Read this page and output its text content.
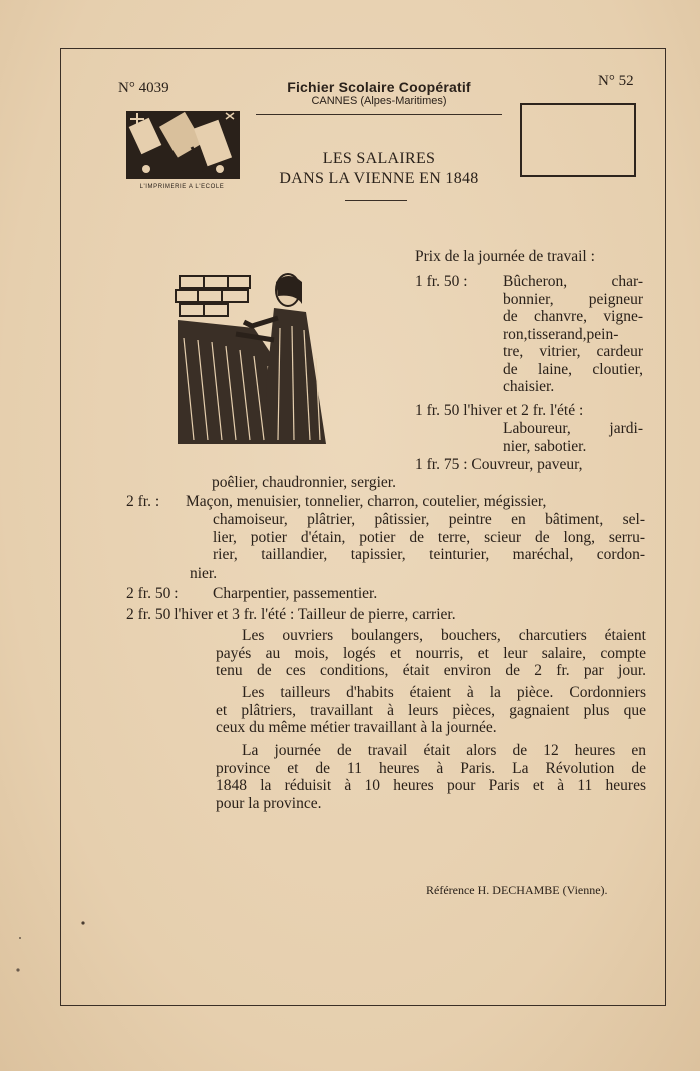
N° 4039	N° 52
Fichier Scolaire Coopératif
CANNES (Alpes-Maritimes)
L'IMPRIMERIE A L'ECOLE
LES SALAIRES
DANS LA VIENNE EN 1848
Prix de la journée de travail :
1 fr. 50 : Bûcheron, char-
bonnier, peigneur
de chanvre, vigne-
ron,tisserand,pein-
tre, vitrier, cardeur
de laine, cloutier,
chaisier.
1 fr. 50 l'hiver et 2 fr. l'été :
Laboureur, jardi-
nier, sabotier.
1 fr. 75 : Couvreur, paveur,
poêlier, chaudronnier, sergier.
2 fr. : Maçon, menuisier, tonnelier, charron, coutelier, mégissier,
chamoiseur, plâtrier, pâtissier, peintre en bâtiment, sel-
lier, potier d'étain, potier de terre, scieur de long, serru-
rier, taillandier, tapissier, teinturier, maréchal, cordon-
nier.
2 fr. 50 : Charpentier, passementier.
2 fr. 50 l'hiver et 3 fr. l'été : Tailleur de pierre, carrier.
Les ouvriers boulangers, bouchers, charcutiers étaient
payés au mois, logés et nourris, et leur salaire, compte
tenu de ces conditions, était environ de 2 fr. par jour.
Les tailleurs d'habits étaient à la pièce. Cordonniers
et plâtriers, travaillant à leurs pièces, gagnaient plus que
ceux du même métier travaillant à la journée.
La journée de travail était alors de 12 heures en
province et de 11 heures à Paris. La Révolution de
1848 la réduisit à 10 heures pour Paris et à 11 heures
pour la province.
Référence H. DECHAMBE (Vienne).
